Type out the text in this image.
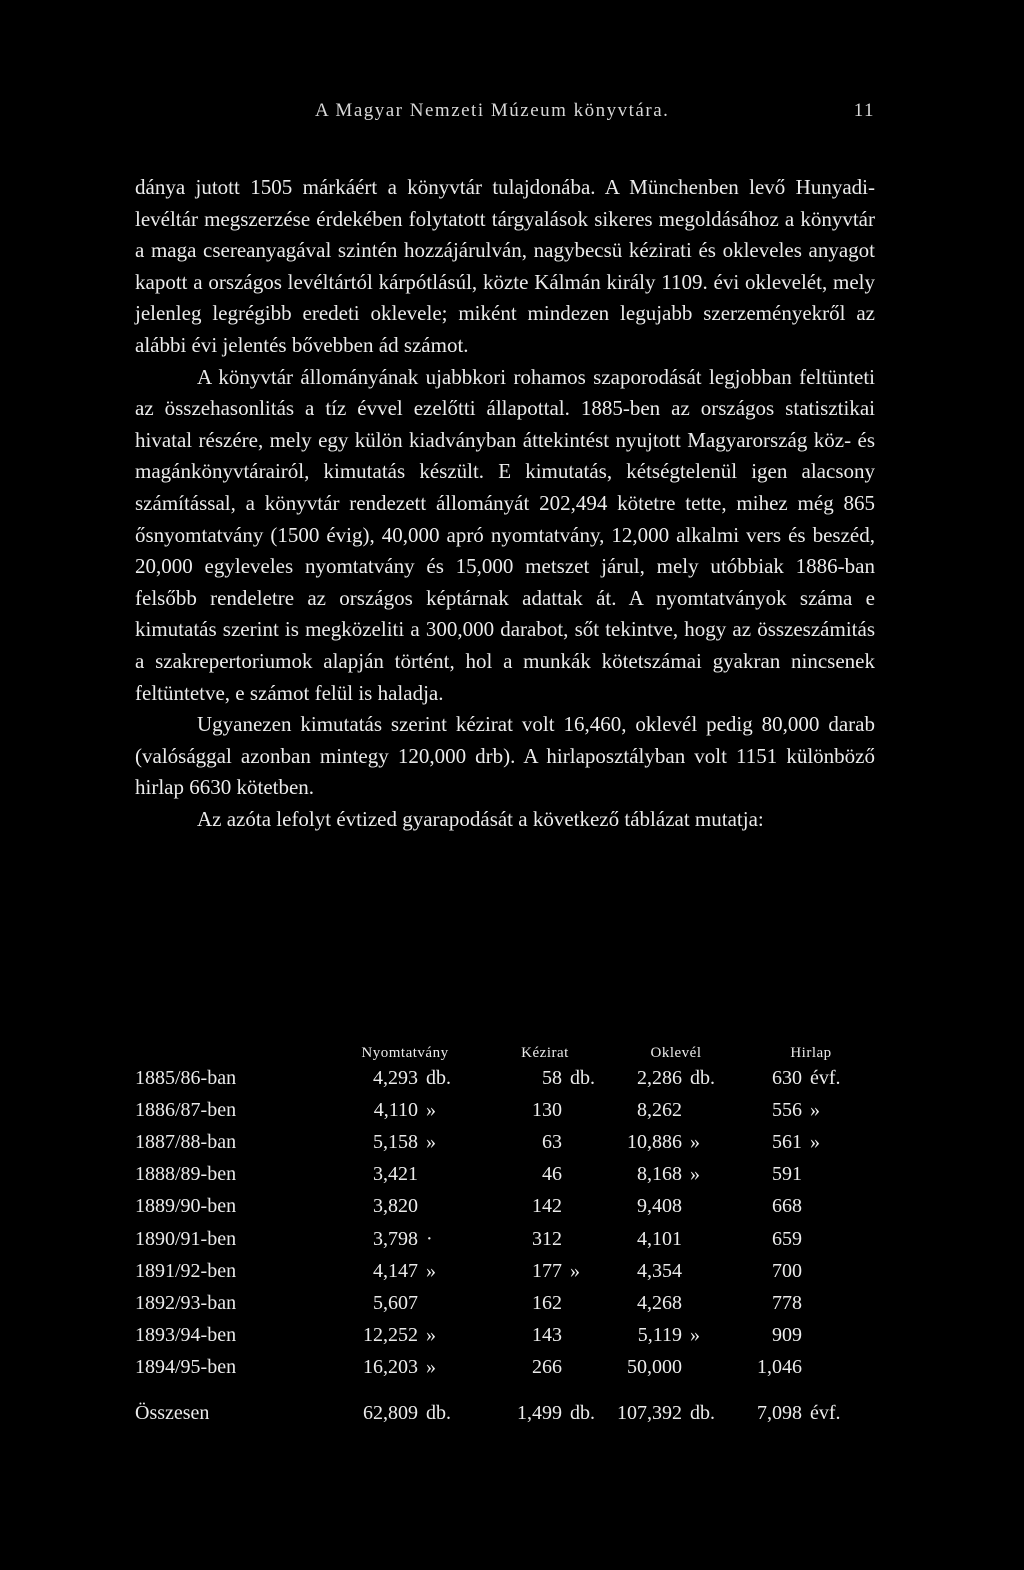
A Magyar Nemzeti Múzeum könyvtára.	11

dánya jutott 1505 márkáért a könyvtár tulajdonába. A Münchenben levő Hunyadi-levéltár megszerzése érdekében folytatott tárgyalások sikeres megoldásához a könyvtár a maga csereanyagával szintén hozzájárulván, nagybecsü kézirati és okleveles anyagot kapott a országos levéltártól kárpótlásúl, közte Kálmán király 1109. évi oklevelét, mely jelenleg legrégibb eredeti oklevele; miként mindezen legujabb szerzeményekről az alábbi évi jelentés bővebben ád számot.

A könyvtár állományának ujabbkori rohamos szaporodását legjobban feltünteti az összehasonlitás a tíz évvel ezelőtti állapottal. 1885-ben az országos statisztikai hivatal részére, mely egy külön kiadványban áttekintést nyujtott Magyarország köz- és magánkönyvtárairól, kimutatás készült. E kimutatás, kétségtelenül igen alacsony számítással, a könyvtár rendezett állományát 202,494 kötetre tette, mihez még 865 ősnyomtatvány (1500 évig), 40,000 apró nyomtatvány, 12,000 alkalmi vers és beszéd, 20,000 egyleveles nyomtatvány és 15,000 metszet járul, mely utóbbiak 1886-ban felsőbb rendeletre az országos képtárnak adattak át. A nyomtatványok száma e kimutatás szerint is megközeliti a 300,000 darabot, sőt tekintve, hogy az összeszámitás a szakrepertoriumok alapján történt, hol a munkák kötetszámai gyakran nincsenek feltüntetve, e számot felül is haladja.

Ugyanezen kimutatás szerint kézirat volt 16,460, oklevél pedig 80,000 darab (valósággal azonban mintegy 120,000 drb). A hirlaposztályban volt 1151 különböző hirlap 6630 kötetben.

Az azóta lefolyt évtized gyarapodását a következő táblázat mutatja:

	Nyomtatvány		Kézirat		Oklevél		Hirlap	
1885/86-ban	4,293	db.	58	db.	2,286	db.	630	évf.
1886/87-ben	4,110	»	130		8,262		556	»
1887/88-ban	5,158	»	63		10,886	»	561	»
1888/89-ben	3,421		46		8,168	»	591	
1889/90-ben	3,820		142		9,408		668	
1890/91-ben	3,798	·	312		4,101		659	
1891/92-ben	4,147	»	177	»	4,354		700	
1892/93-ban	5,607		162		4,268		778	
1893/94-ben	12,252	»	143		5,119	»	909	
1894/95-ben	16,203	»	266		50,000		1,046	
Összesen	62,809	db.	1,499	db.	107,392	db.	7,098	évf.
